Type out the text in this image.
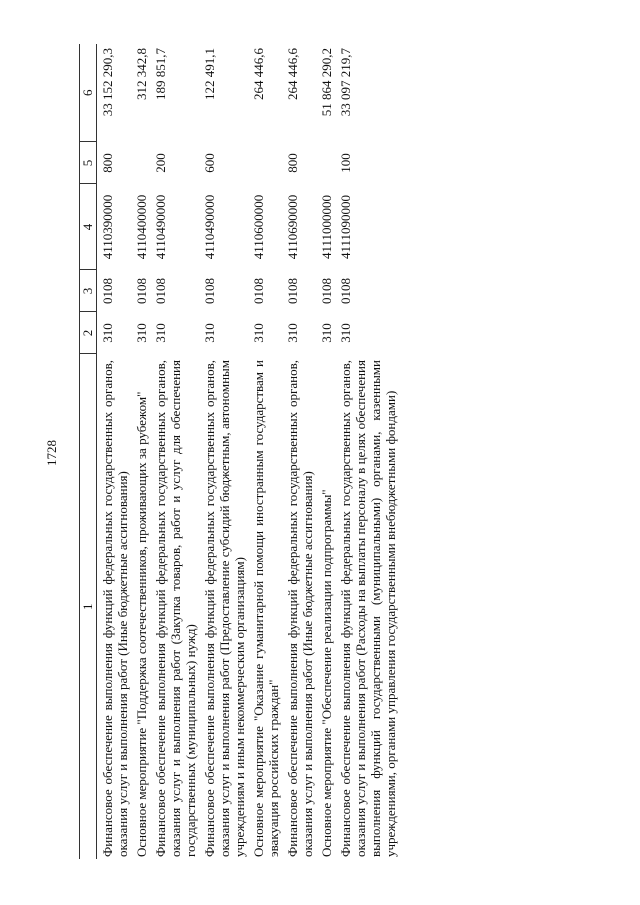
1728
1	2	3	4	5	6
Финансовое обеспечение выполнения функций федеральных государственных органов, оказания услуг и выполнения работ (Иные бюджетные ассигнования)	310	0108	4110390000	800	33 152 290,3
Основное мероприятие "Поддержка соотечественников, проживающих за рубежом"	310	0108	4110400000		312 342,8
Финансовое обеспечение выполнения функций федеральных государственных органов, оказания услуг и выполнения работ (Закупка товаров, работ и услуг для обеспечения государственных (муниципальных) нужд)	310	0108	4110490000	200	189 851,7
Финансовое обеспечение выполнения функций федеральных государственных органов, оказания услуг и выполнения работ (Предоставление субсидий бюджетным, автономным учреждениям и иным некоммерческим организациям)	310	0108	4110490000	600	122 491,1
Основное мероприятие "Оказание гуманитарной помощи иностранным государствам и эвакуация российских граждан"	310	0108	4110600000		264 446,6
Финансовое обеспечение выполнения функций федеральных государственных органов, оказания услуг и выполнения работ (Иные бюджетные ассигнования)	310	0108	4110690000	800	264 446,6
Основное мероприятие "Обеспечение реализации подпрограммы"	310	0108	4111000000		51 864 290,2
Финансовое обеспечение выполнения функций федеральных государственных органов, оказания услуг и выполнения работ (Расходы на выплаты персоналу в целях обеспечения выполнения функций государственными (муниципальными) органами, казенными учреждениями, органами управления государственными внебюджетными фондами)	310	0108	4111090000	100	33 097 219,7
